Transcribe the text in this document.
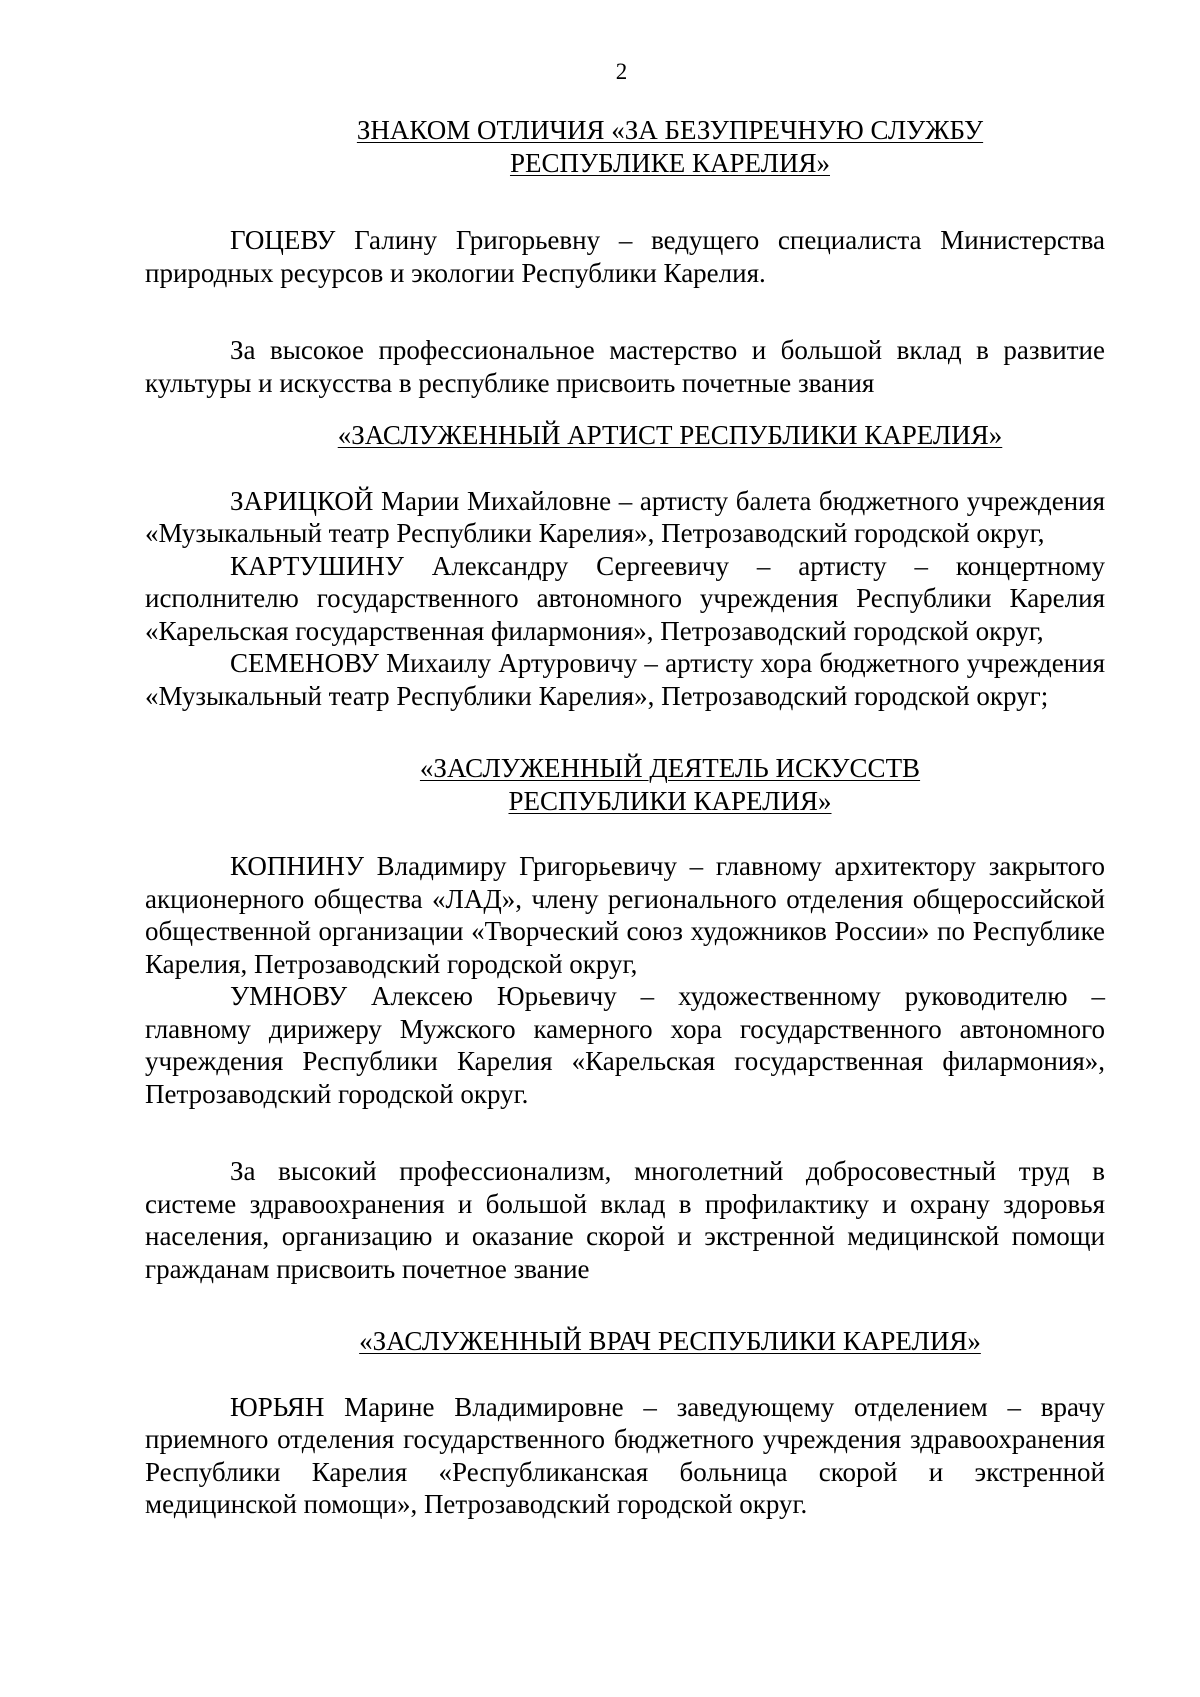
2
ЗНАКОМ ОТЛИЧИЯ «ЗА БЕЗУПРЕЧНУЮ СЛУЖБУ
РЕСПУБЛИКЕ КАРЕЛИЯ»

ГОЦЕВУ Галину Григорьевну – ведущего специалиста Министерства природных ресурсов и экологии Республики Карелия.

За высокое профессиональное мастерство и большой вклад в развитие культуры и искусства в республике присвоить почетные звания

«ЗАСЛУЖЕННЫЙ АРТИСТ РЕСПУБЛИКИ КАРЕЛИЯ»

ЗАРИЦКОЙ Марии Михайловне – артисту балета бюджетного учреждения «Музыкальный театр Республики Карелия», Петрозаводский городской округ,

КАРТУШИНУ Александру Сергеевичу – артисту – концертному исполнителю государственного автономного учреждения Республики Карелия «Карельская государственная филармония», Петрозаводский городской округ,

СЕМЕНОВУ Михаилу Артуровичу – артисту хора бюджетного учреждения «Музыкальный театр Республики Карелия», Петрозаводский городской округ;

«ЗАСЛУЖЕННЫЙ ДЕЯТЕЛЬ ИСКУССТВ
РЕСПУБЛИКИ КАРЕЛИЯ»

КОПНИНУ Владимиру Григорьевичу – главному архитектору закрытого акционерного общества «ЛАД», члену регионального отделения общероссийской общественной организации «Творческий союз художников России» по Республике Карелия, Петрозаводский городской округ,

УМНОВУ Алексею Юрьевичу – художественному руководителю – главному дирижеру Мужского камерного хора государственного автономного учреждения Республики Карелия «Карельская государственная филармония», Петрозаводский городской округ.

За высокий профессионализм, многолетний добросовестный труд в системе здравоохранения и большой вклад в профилактику и охрану здоровья населения, организацию и оказание скорой и экстренной медицинской помощи гражданам присвоить почетное звание

«ЗАСЛУЖЕННЫЙ ВРАЧ РЕСПУБЛИКИ КАРЕЛИЯ»

ЮРЬЯН Марине Владимировне – заведующему отделением – врачу приемного отделения государственного бюджетного учреждения здравоохранения Республики Карелия «Республиканская больница скорой и экстренной медицинской помощи», Петрозаводский городской округ.
